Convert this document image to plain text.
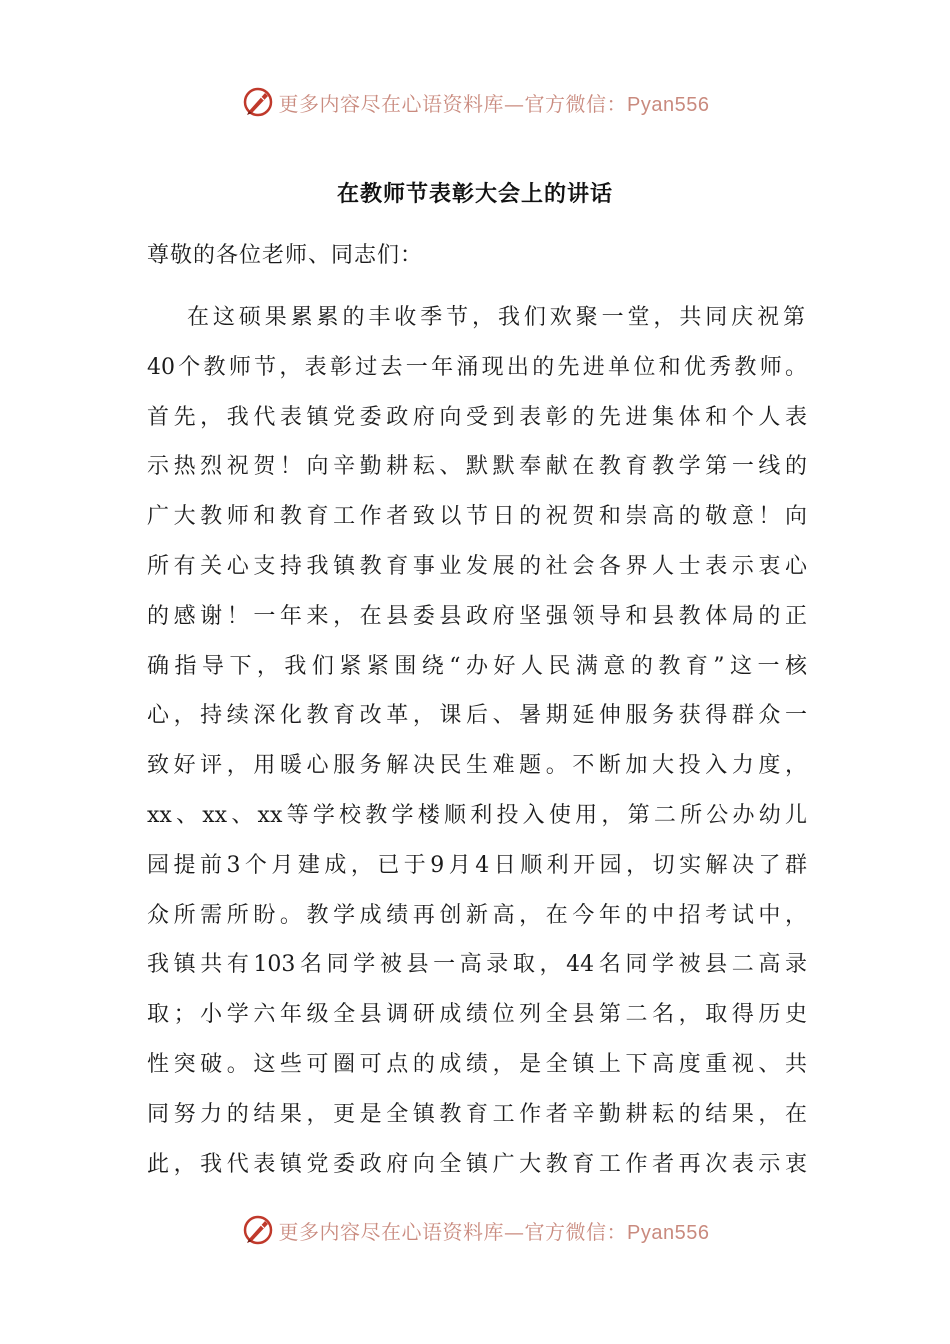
更多内容尽在心语资料库—官方微信：Pyan556
在教师节表彰大会上的讲话
尊敬的各位老师、同志们：
在这硕果累累的丰收季节，我们欢聚一堂，共同庆祝第
40个教师节，表彰过去一年涌现出的先进单位和优秀教师。
首先，我代表镇党委政府向受到表彰的先进集体和个人表
示热烈祝贺！向辛勤耕耘、默默奉献在教育教学第一线的
广大教师和教育工作者致以节日的祝贺和崇高的敬意！向
所有关心支持我镇教育事业发展的社会各界人士表示衷心
的感谢！一年来，在县委县政府坚强领导和县教体局的正
确指导下，我们紧紧围绕“办好人民满意的教育”这一核
心，持续深化教育改革，课后、暑期延伸服务获得群众一
致好评，用暖心服务解决民生难题。不断加大投入力度，
xx、xx、xx等学校教学楼顺利投入使用，第二所公办幼儿
园提前3个月建成，已于9月4日顺利开园，切实解决了群
众所需所盼。教学成绩再创新高，在今年的中招考试中，
我镇共有103名同学被县一高录取，44名同学被县二高录
取；小学六年级全县调研成绩位列全县第二名，取得历史
性突破。这些可圈可点的成绩，是全镇上下高度重视、共
同努力的结果，更是全镇教育工作者辛勤耕耘的结果，在
此，我代表镇党委政府向全镇广大教育工作者再次表示衷
更多内容尽在心语资料库—官方微信：Pyan556
